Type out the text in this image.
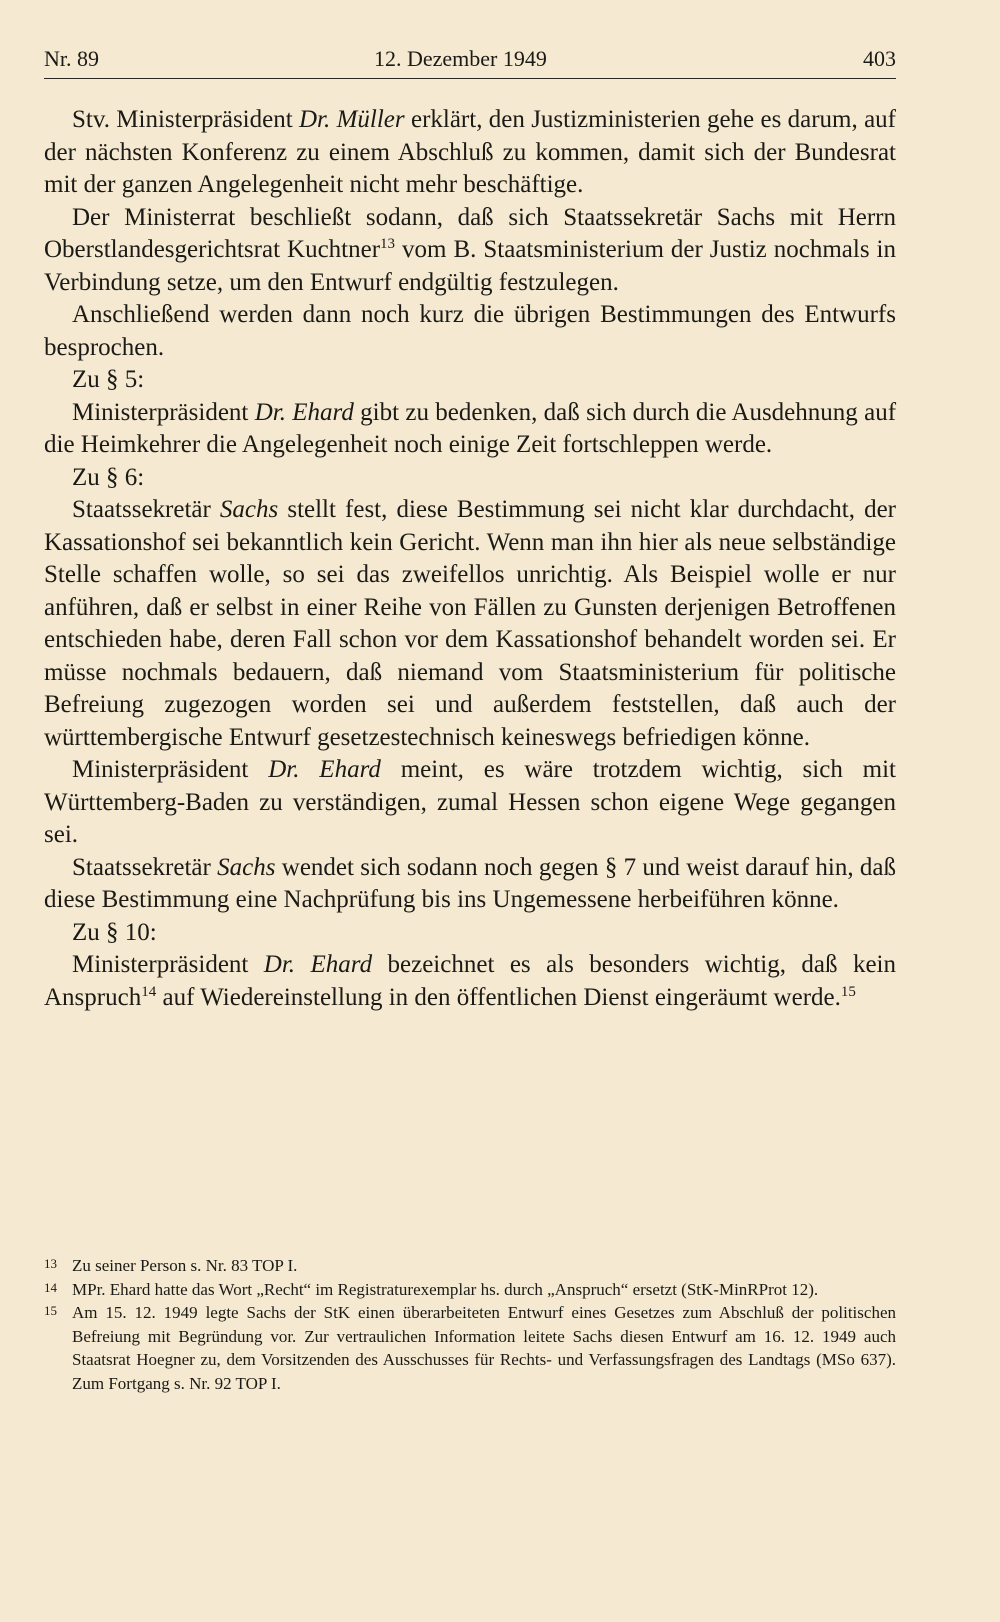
Nr. 89	12. Dezember 1949	403

Stv. Ministerpräsident Dr. Müller erklärt, den Justizministerien gehe es darum, auf der nächsten Konferenz zu einem Abschluß zu kommen, damit sich der Bundesrat mit der ganzen Angelegenheit nicht mehr beschäftige.

Der Ministerrat beschließt sodann, daß sich Staatssekretär Sachs mit Herrn Oberstlandesgerichtsrat Kuchtner$^{13}$ vom B. Staatsministerium der Justiz nochmals in Verbindung setze, um den Entwurf endgültig festzulegen.

Anschließend werden dann noch kurz die übrigen Bestimmungen des Entwurfs besprochen.

Zu § 5:

Ministerpräsident Dr. Ehard gibt zu bedenken, daß sich durch die Ausdehnung auf die Heimkehrer die Angelegenheit noch einige Zeit fortschleppen werde.

Zu § 6:

Staatssekretär Sachs stellt fest, diese Bestimmung sei nicht klar durchdacht, der Kassationshof sei bekanntlich kein Gericht. Wenn man ihn hier als neue selbständige Stelle schaffen wolle, so sei das zweifellos unrichtig. Als Beispiel wolle er nur anführen, daß er selbst in einer Reihe von Fällen zu Gunsten derjenigen Betroffenen entschieden habe, deren Fall schon vor dem Kassationshof behandelt worden sei. Er müsse nochmals bedauern, daß niemand vom Staatsministerium für politische Befreiung zugezogen worden sei und außerdem feststellen, daß auch der württembergische Entwurf gesetzestechnisch keineswegs befriedigen könne.

Ministerpräsident Dr. Ehard meint, es wäre trotzdem wichtig, sich mit Württemberg-Baden zu verständigen, zumal Hessen schon eigene Wege gegangen sei.

Staatssekretär Sachs wendet sich sodann noch gegen § 7 und weist darauf hin, daß diese Bestimmung eine Nachprüfung bis ins Ungemessene herbeiführen könne.

Zu § 10:

Ministerpräsident Dr. Ehard bezeichnet es als besonders wichtig, daß kein Anspruch$^{14}$ auf Wiedereinstellung in den öffentlichen Dienst eingeräumt werde.$^{15}$

13 Zu seiner Person s. Nr. 83 TOP I.
14 MPr. Ehard hatte das Wort „Recht“ im Registraturexemplar hs. durch „Anspruch“ ersetzt (StK-MinRProt 12).
15 Am 15. 12. 1949 legte Sachs der StK einen überarbeiteten Entwurf eines Gesetzes zum Abschluß der politischen Befreiung mit Begründung vor. Zur vertraulichen Information leitete Sachs diesen Entwurf am 16. 12. 1949 auch Staatsrat Hoegner zu, dem Vorsitzenden des Ausschusses für Rechts- und Verfassungsfragen des Landtags (MSo 637). Zum Fortgang s. Nr. 92 TOP I.
